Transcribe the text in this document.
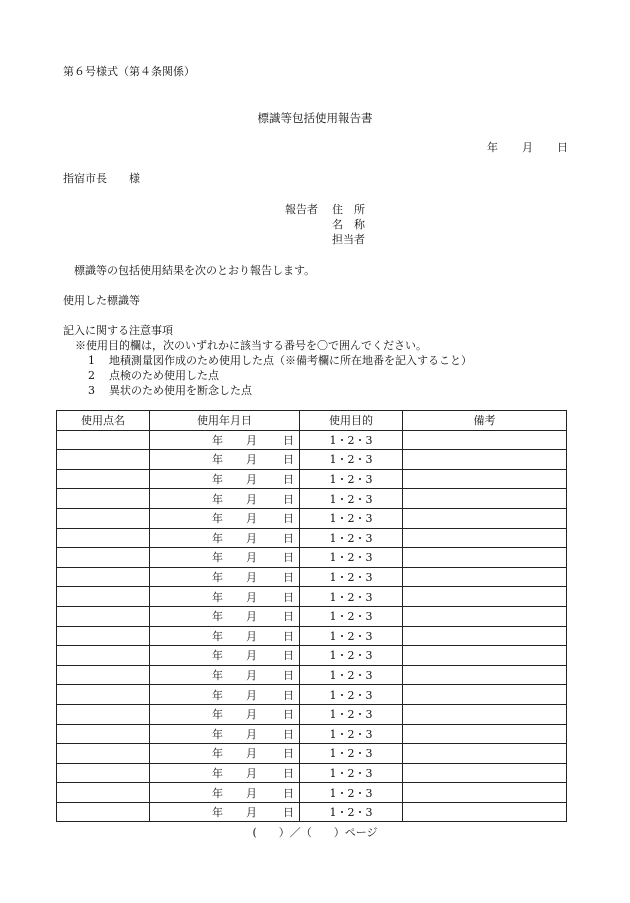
第６号様式（第４条関係）
標識等包括使用報告書
年 月 日
指宿市長 様
報告者 住　所
名　称
担当者
標識等の包括使用結果を次のとおり報告します。
使用した標識等
記入に関する注意事項
※使用目的欄は，次のいずれかに該当する番号を〇で囲んでください。
1 地積測量図作成のため使用した点（※備考欄に所在地番を記入すること）
2 点検のため使用した点
3 異状のため使用を断念した点
使用点名	使用年月日	使用目的	備考

	年 月 日	1・2・3	

	年 月 日	1・2・3	

	年 月 日	1・2・3	

	年 月 日	1・2・3	

	年 月 日	1・2・3	

	年 月 日	1・2・3	

	年 月 日	1・2・3	

	年 月 日	1・2・3	

	年 月 日	1・2・3	

	年 月 日	1・2・3	

	年 月 日	1・2・3	

	年 月 日	1・2・3	

	年 月 日	1・2・3	

	年 月 日	1・2・3	

	年 月 日	1・2・3	

	年 月 日	1・2・3	

	年 月 日	1・2・3	

	年 月 日	1・2・3	

	年 月 日	1・2・3	

	年 月 日	1・2・3	
(　　）／（　　）ページ
